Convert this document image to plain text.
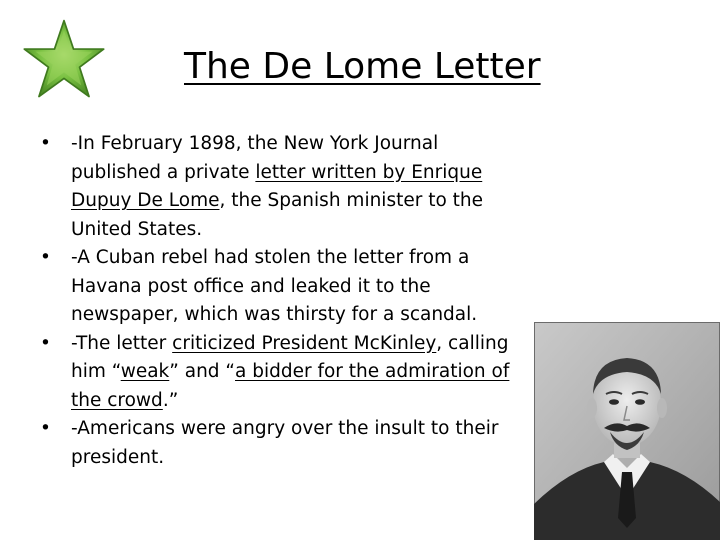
The De Lome Letter
• -In February 1898, the New York Journal published a private letter written by Enrique Dupuy De Lome, the Spanish minister to the United States.
• -A Cuban rebel had stolen the letter from a Havana post office and leaked it to the newspaper, which was thirsty for a scandal.
• -The letter criticized President McKinley, calling him “weak” and “a bidder for the admiration of the crowd.”
• -Americans were angry over the insult to their president.
